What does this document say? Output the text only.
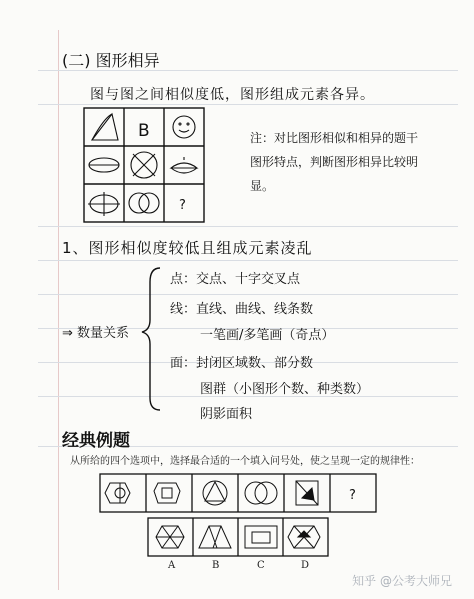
(二) 图形相异
图与图之间相似度低，图形组成元素各异。
B
?
注：对比图形相似和相异的题干
图形特点，判断图形相异比较明
显。
1、图形相似度较低且组成元素凌乱
⇒ 数量关系
点：交点、十字交叉点
线：直线、曲线、线条数
一笔画/多笔画（奇点）
面：封闭区域数、部分数
图群（小图形个数、种类数）
阴影面积
经典例题
从所给的四个选项中，选择最合适的一个填入问号处，使之呈现一定的规律性：
?
A	B	C	D
知乎 @公考大师兄
